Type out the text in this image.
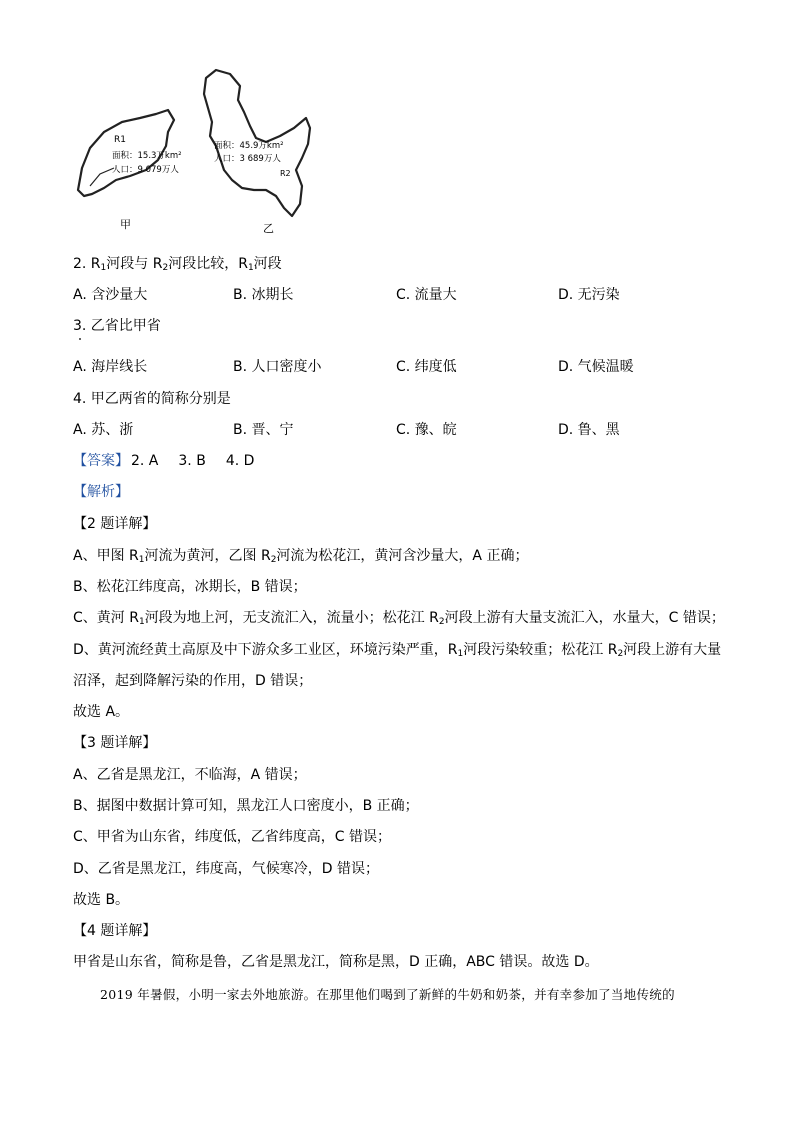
R1
面积：15.3万km²
人口：9 079万人
甲
面积：45.9万km²
人口：3 689万人
R2
乙
2. $R_1$河段与 $R_2$河段比较，$R_1$河段
A. 含沙量大	B. 冰期长	C. 流量大	D. 无污染
3. 乙省比甲省
A. 海岸线长	B. 人口密度小	C. 纬度低	D. 气候温暖
4. 甲乙两省的简称分别是
A. 苏、浙	B. 晋、宁	C. 豫、皖	D. 鲁、黑
【答案】 2. A 3. B 4. D
【解析】
【2 题详解】
A、甲图 $R_1$河流为黄河，乙图 $R_2$河流为松花江，黄河含沙量大，A 正确；
B、松花江纬度高，冰期长，B 错误；
C、黄河 $R_1$河段为地上河，无支流汇入，流量小；松花江 $R_2$河段上游有大量支流汇入，水量大，C 错误；
D、黄河流经黄土高原及中下游众多工业区，环境污染严重，$R_1$河段污染较重；松花江 $R_2$河段上游有大量
沼泽，起到降解污染的作用，D 错误；
故选 A。
【3 题详解】
A、乙省是黑龙江，不临海，A 错误；
B、据图中数据计算可知，黑龙江人口密度小，B 正确；
C、甲省为山东省，纬度低，乙省纬度高，C 错误；
D、乙省是黑龙江，纬度高，气候寒冷，D 错误；
故选 B。
【4 题详解】
甲省是山东省，简称是鲁，乙省是黑龙江，简称是黑，D 正确，ABC 错误。故选 D。
2019 年暑假，小明一家去外地旅游。在那里他们喝到了新鲜的牛奶和奶茶，并有幸参加了当地传统的
